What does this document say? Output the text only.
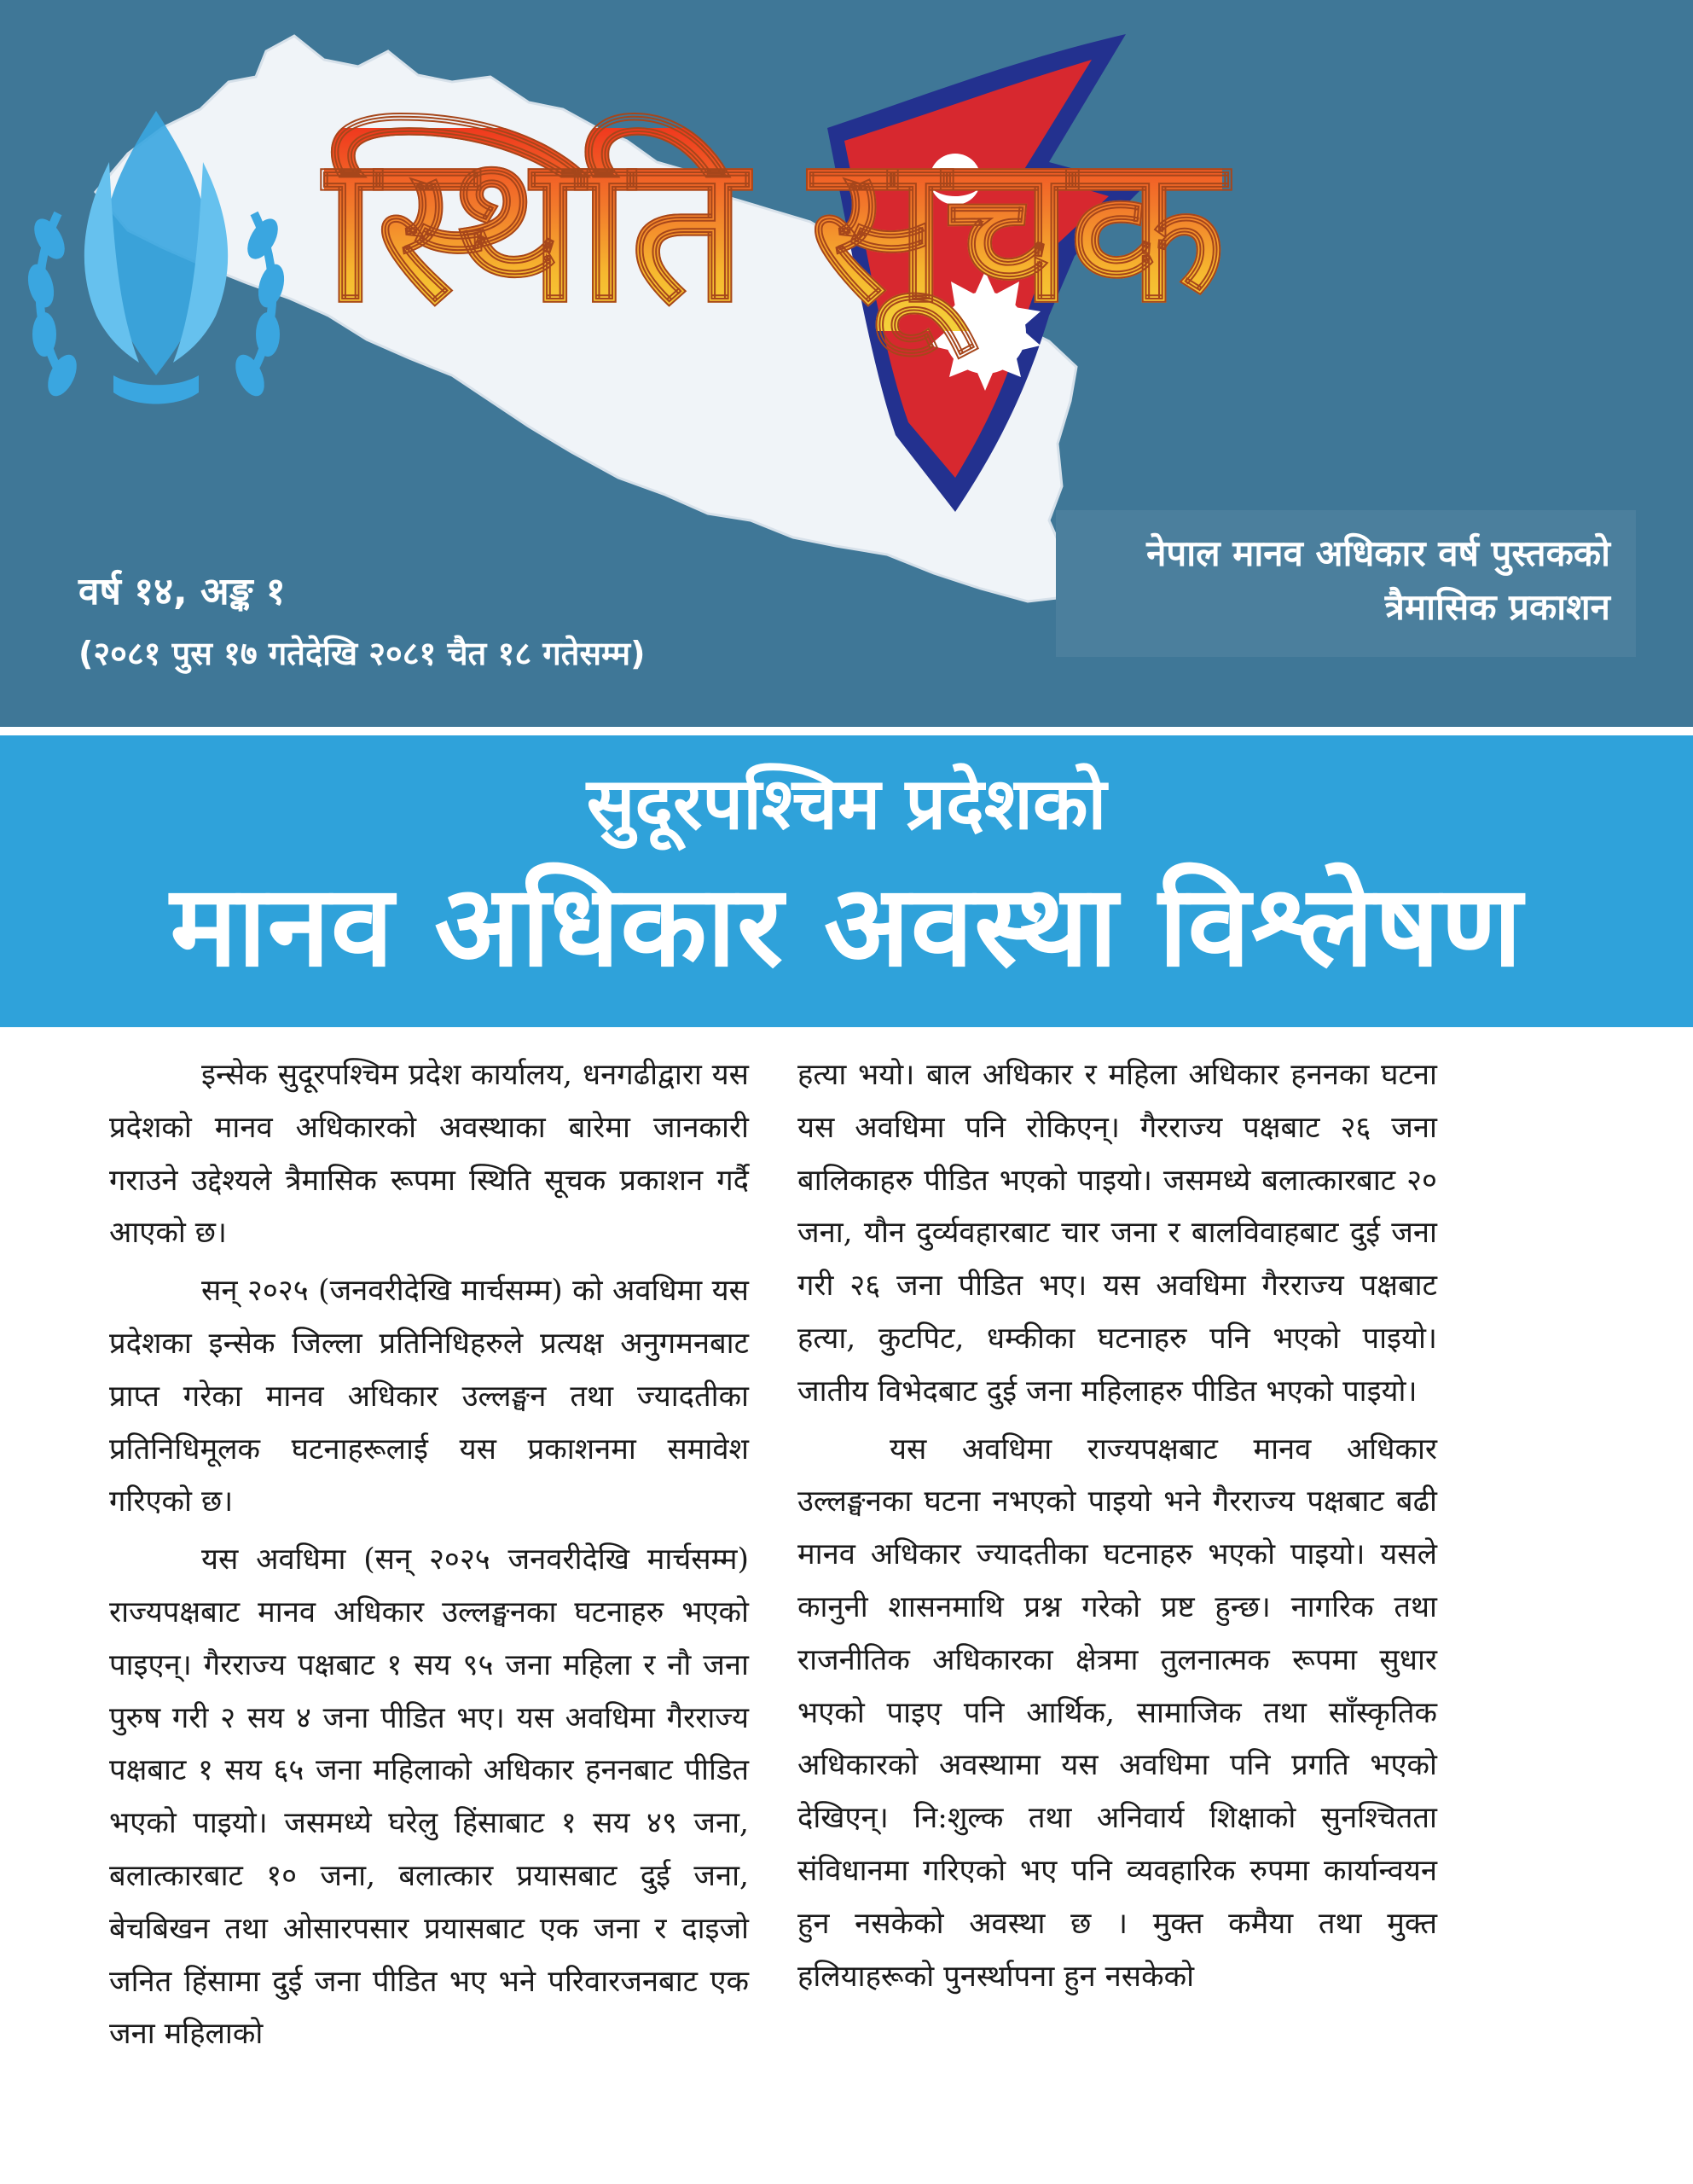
स्थिति सूचक
नेपाल मानव अधिकार वर्ष पुस्तकको
त्रैमासिक प्रकाशन
वर्ष १४, अङ्क १
(२०८१ पुस १७ गतेदेखि २०८१ चैत १८ गतेसम्म)
सुदूरपश्चिम प्रदेशको
मानव अधिकार अवस्था विश्लेषण

इन्सेक सुदूरपश्चिम प्रदेश कार्यालय, धनगढीद्वारा यस प्रदेशको मानव अधिकारको अवस्थाका बारेमा जानकारी गराउने उद्देश्यले त्रैमासिक रूपमा स्थिति सूचक प्रकाशन गर्दै आएको छ।

सन् २०२५ (जनवरीदेखि मार्चसम्म) को अवधिमा यस प्रदेशका इन्सेक जिल्ला प्रतिनिधिहरुले प्रत्यक्ष अनुगमनबाट प्राप्त गरेका मानव अधिकार उल्लङ्घन तथा ज्यादतीका प्रतिनिधिमूलक घटनाहरूलाई यस प्रकाशनमा समावेश गरिएको छ।

यस अवधिमा (सन् २०२५ जनवरीदेखि मार्चसम्म) राज्यपक्षबाट मानव अधिकार उल्लङ्घनका घटनाहरु भएको पाइएन्। गैरराज्य पक्षबाट १ सय ९५ जना महिला र नौ जना पुरुष गरी २ सय ४ जना पीडित भए। यस अवधिमा गैरराज्य पक्षबाट १ सय ६५ जना महिलाको अधिकार हननबाट पीडित भएको पाइयो। जसमध्ये घरेलु हिंसाबाट १ सय ४९ जना, बलात्कारबाट १० जना, बलात्कार प्रयासबाट दुई जना, बेचबिखन तथा ओसारपसार प्रयासबाट एक जना र दाइजो जनित हिंसामा दुई जना पीडित भए भने परिवारजनबाट एक जना महिलाको

हत्या भयो। बाल अधिकार र महिला अधिकार हननका घटना यस अवधिमा पनि रोकिएन्। गैरराज्य पक्षबाट २६ जना बालिकाहरु पीडित भएको पाइयो। जसमध्ये बलात्कारबाट २० जना, यौन दुर्व्यवहारबाट चार जना र बालविवाहबाट दुई जना गरी २६ जना पीडित भए। यस अवधिमा गैरराज्य पक्षबाट हत्या, कुटपिट, धम्कीका घटनाहरु पनि भएको पाइयो। जातीय विभेदबाट दुई जना महिलाहरु पीडित भएको पाइयो।

यस अवधिमा राज्यपक्षबाट मानव अधिकार उल्लङ्घनका घटना नभएको पाइयो भने गैरराज्य पक्षबाट बढी मानव अधिकार ज्यादतीका घटनाहरु भएको पाइयो। यसले कानुनी शासनमाथि प्रश्न गरेको प्रष्ट हुन्छ। नागरिक तथा राजनीतिक अधिकारका क्षेत्रमा तुलनात्मक रूपमा सुधार भएको पाइए पनि आर्थिक, सामाजिक तथा साँस्कृतिक अधिकारको अवस्थामा यस अवधिमा पनि प्रगति भएको देखिएन्। नि:शुल्क तथा अनिवार्य शिक्षाको सुनश्चितता संविधानमा गरिएको भए पनि व्यवहारिक रुपमा कार्यान्वयन हुन नसकेको अवस्था छ । मुक्त कमैया तथा मुक्त हलियाहरूको पुनर्स्थापना हुन नसकेको
